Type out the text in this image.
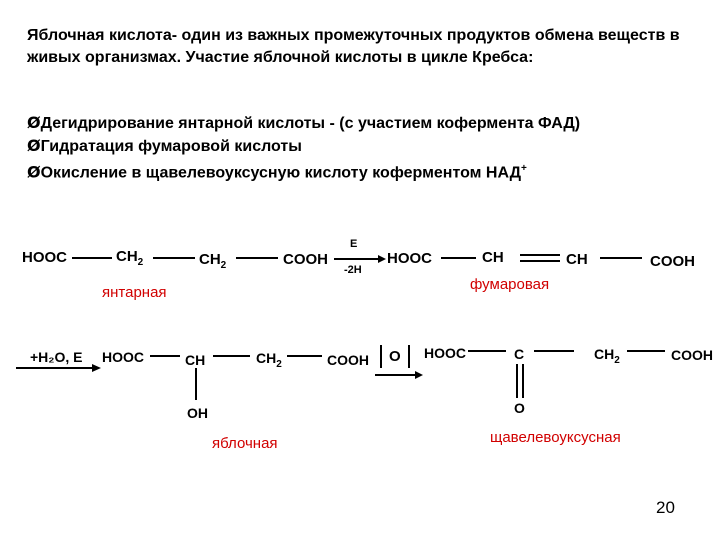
Яблочная кислота- один из важных промежуточных продуктов обмена веществ в живых организмах. Участие яблочной кислоты в цикле Кребса:
ØДегидрирование янтарной кислоты - (с участием кофермента ФАД)
ØГидратация фумаровой кислоты
ØОкисление в щавелевоуксусную кислоту коферментом НАД+
HOOC	$CH_2$	$CH_2$	COOH
E
-2H
HOOC	CH	CH	COOH
янтарная	фумаровая
+H₂O, E HOOC	CH	$CH_2$	COOH
OH
O HOOC	C	$CH_2$	COOH
O
яблочная	щавелевоуксусная
20
